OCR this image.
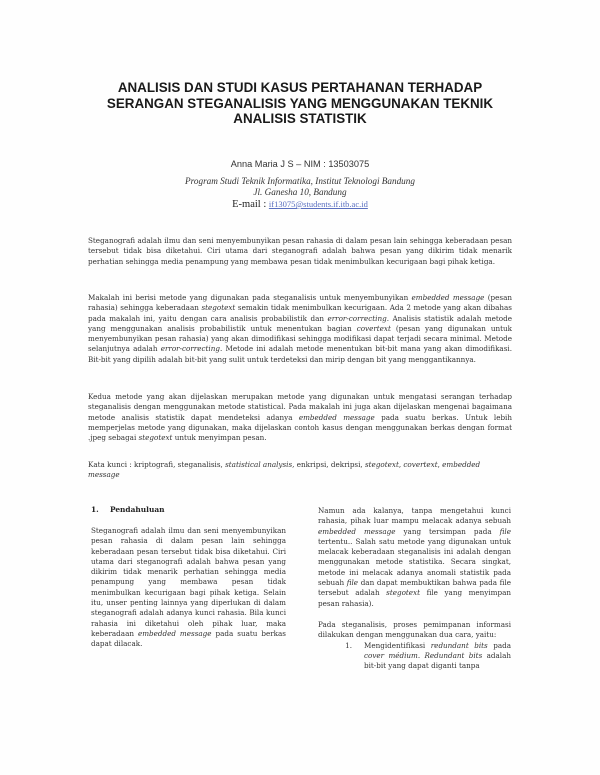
ANALISIS DAN STUDI KASUS PERTAHANAN TERHADAP
SERANGAN STEGANALISIS YANG MENGGUNAKAN TEKNIK
ANALISIS STATISTIK
Anna Maria J S – NIM : 13503075
Program Studi Teknik Informatika, Institut Teknologi Bandung
Jl. Ganesha 10, Bandung
E-mail : if13075@students.if.itb.ac.id

Steganografi adalah ilmu dan seni menyembunyikan pesan rahasia di dalam pesan lain sehingga keberadaan pesan tersebut tidak bisa diketahui. Ciri utama dari steganografi adalah bahwa pesan yang dikirim tidak menarik perhatian sehingga media penampung yang membawa pesan tidak menimbulkan kecurigaan bagi pihak ketiga.

Makalah ini berisi metode yang digunakan pada steganalisis untuk menyembunyikan embedded message (pesan rahasia) sehingga keberadaan stegotext semakin tidak menimbulkan kecurigaan. Ada 2 metode yang akan dibahas pada makalah ini, yaitu dengan cara analisis probabilistik dan error-correcting. Analisis statistik adalah metode yang menggunakan analisis probabilistik untuk menentukan bagian covertext (pesan yang digunakan untuk menyembunyikan pesan rahasia) yang akan dimodifikasi sehingga modifikasi dapat terjadi secara minimal. Metode selanjutnya adalah error-correcting. Metode ini adalah metode menentukan bit-bit mana yang akan dimodifikasi. Bit-bit yang dipilih adalah bit-bit yang sulit untuk terdeteksi dan mirip dengan bit yang menggantikannya.

Kedua metode yang akan dijelaskan merupakan metode yang digunakan untuk mengatasi serangan terhadap steganalisis dengan menggunakan metode statistical. Pada makalah ini juga akan dijelaskan mengenai bagaimana metode analisis statistik dapat mendeteksi adanya embedded message pada suatu berkas. Untuk lebih memperjelas metode yang digunakan, maka dijelaskan contoh kasus dengan menggunakan berkas dengan format .jpeg sebagai stegotext untuk menyimpan pesan.

Kata kunci : kriptografi, steganalisis, statistical analysis, enkripsi, dekripsi, stegotext, covertext, embedded message

1. Pendahuluan

Steganografi adalah ilmu dan seni menyembunyikan pesan rahasia di dalam pesan lain sehingga keberadaan pesan tersebut tidak bisa diketahui. Ciri utama dari steganografi adalah bahwa pesan yang dikirim tidak menarik perhatian sehingga media penampung yang membawa pesan tidak menimbulkan kecurigaan bagi pihak ketiga. Selain itu, unser penting lainnya yang diperlukan di dalam steganografi adalah adanya kunci rahasia. Bila kunci rahasia ini diketahui oleh pihak luar, maka keberadaan embedded message pada suatu berkas dapat dilacak.

Namun ada kalanya, tanpa mengetahui kunci rahasia, pihak luar mampu melacak adanya sebuah embedded message yang tersimpan pada file tertentu.. Salah satu metode yang digunakan untuk melacak keberadaan steganalisis ini adalah dengan menggunakan metode statistika. Secara singkat, metode ini melacak adanya anomali statistik pada sebuah file dan dapat membuktikan bahwa pada file tersebut adalah stegotext file yang menyimpan pesan rahasia).

Pada steganalisis, proses pemimpanan informasi dilakukan dengan menggunakan dua cara, yaitu:

1.	Mengidentifikasi redundant bits pada cover médium. Redundant bits adalah bit-bit yang dapat diganti tanpa
